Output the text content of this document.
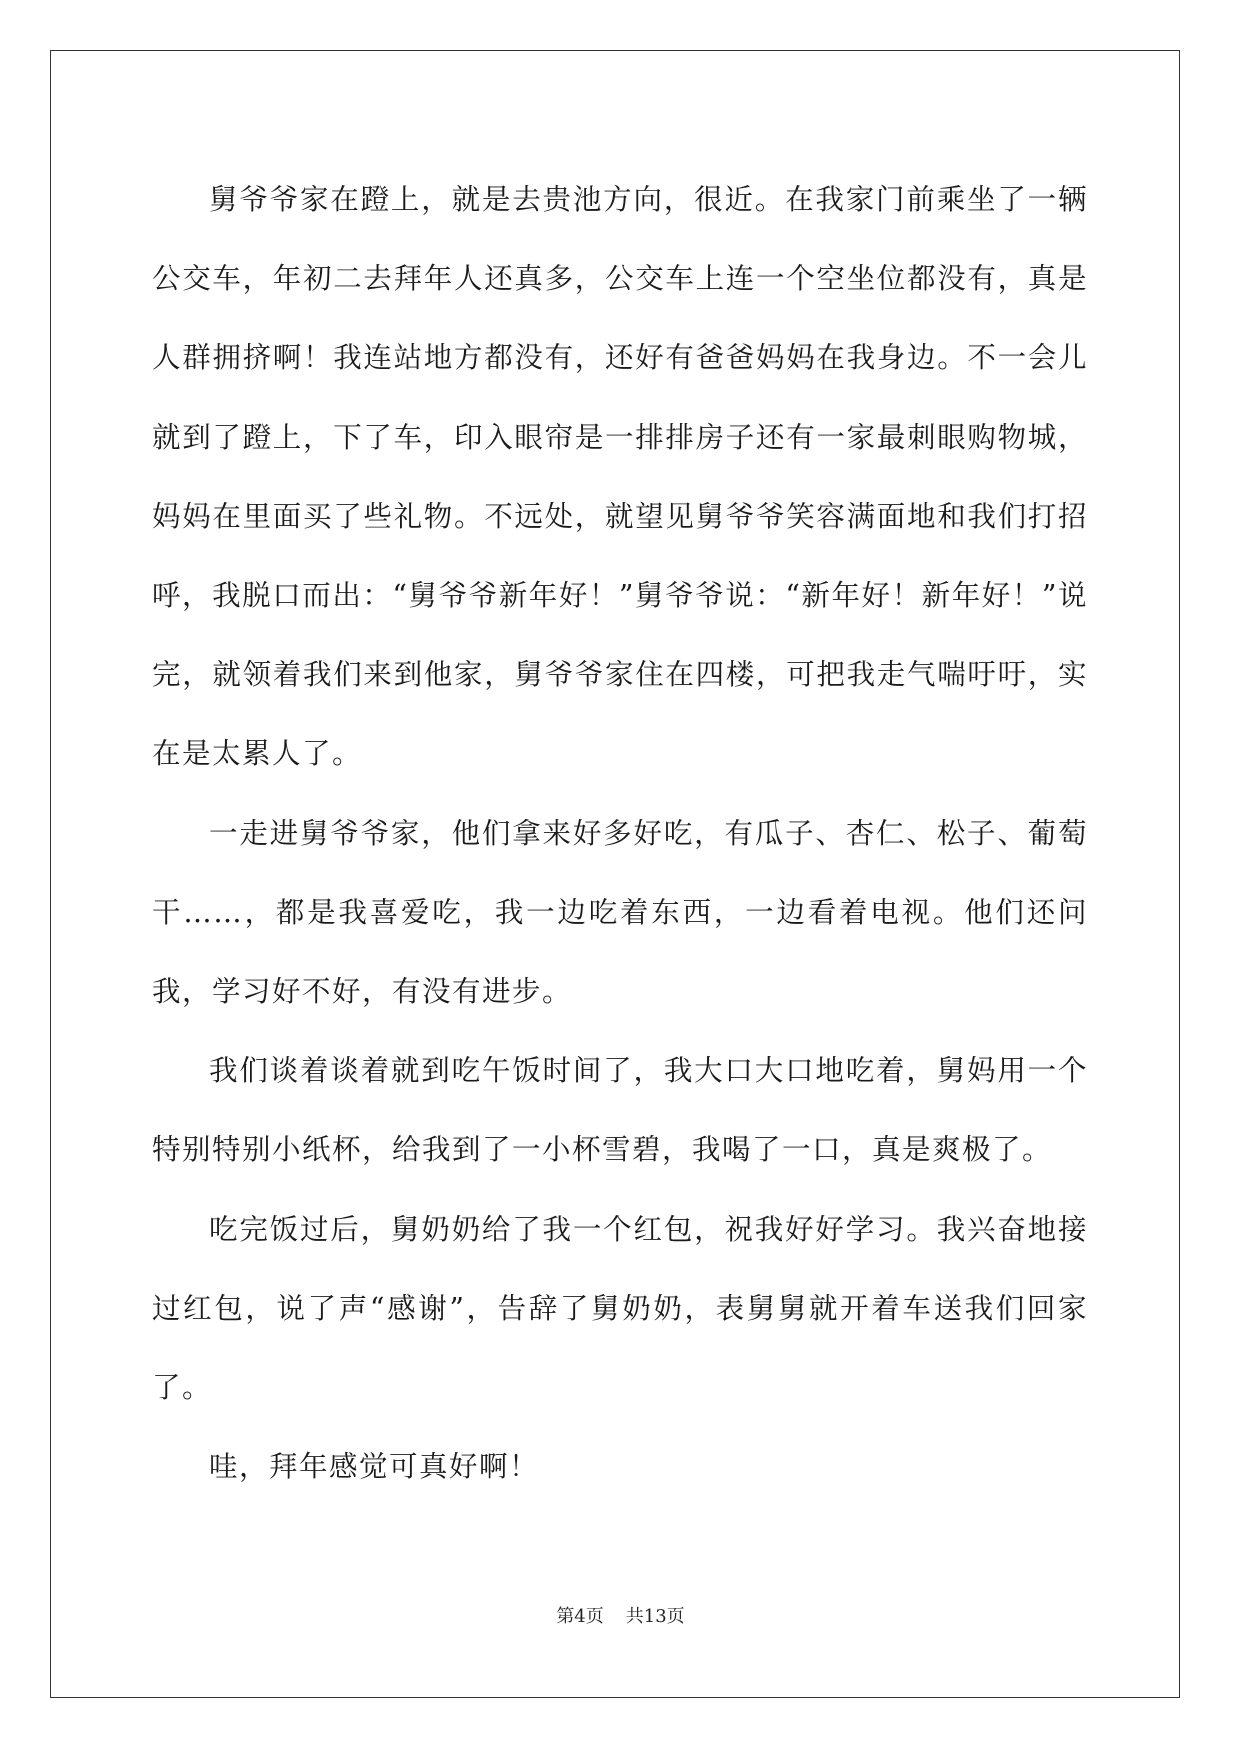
舅爷爷家在蹬上，就是去贵池方向，很近。在我家门前乘坐了一辆公交车，年初二去拜年人还真多，公交车上连一个空坐位都没有，真是人群拥挤啊！我连站地方都没有，还好有爸爸妈妈在我身边。不一会儿就到了蹬上，下了车，印入眼帘是一排排房子还有一家最刺眼购物城，妈妈在里面买了些礼物。不远处，就望见舅爷爷笑容满面地和我们打招呼，我脱口而出：“舅爷爷新年好！”舅爷爷说：“新年好！新年好！”说完，就领着我们来到他家，舅爷爷家住在四楼，可把我走气喘吁吁，实在是太累人了。

一走进舅爷爷家，他们拿来好多好吃，有瓜子、杏仁、松子、葡萄干……，都是我喜爱吃，我一边吃着东西，一边看着电视。他们还问我，学习好不好，有没有进步。

我们谈着谈着就到吃午饭时间了，我大口大口地吃着，舅妈用一个特别特别小纸杯，给我到了一小杯雪碧，我喝了一口，真是爽极了。

吃完饭过后，舅奶奶给了我一个红包，祝我好好学习。我兴奋地接过红包，说了声“感谢”，告辞了舅奶奶，表舅舅就开着车送我们回家了。

哇，拜年感觉可真好啊！

第4页 共13页
